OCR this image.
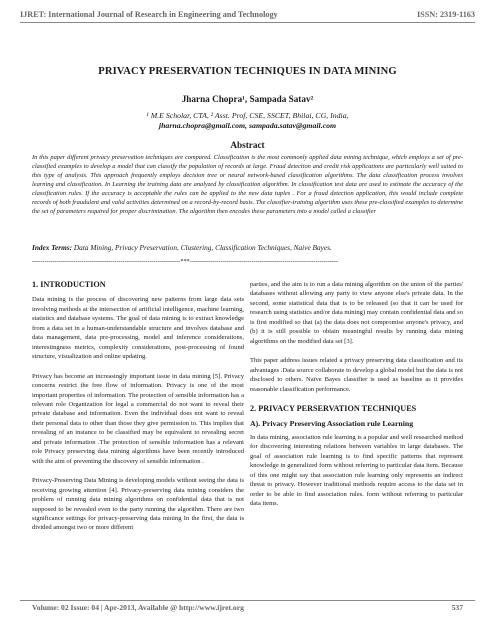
IJRET: International Journal of Research in Engineering and Technology	ISSN: 2319-1163
PRIVACY PRESERVATION TECHNIQUES IN DATA MINING
Jharna Chopra¹, Sampada Satav²
¹ M.E Scholar, CTA, ² Asst. Prof, CSE, SSCET, Bhilai, CG, India,
jharna.chopra@gmail.com, sampada.satav@gmail.com
Abstract
In this paper different privacy preservation techniques are compared. Classification is the most commonly applied data mining technique, which employs a set of pre-classified examples to develop a model that can classify the population of records at large. Fraud detection and credit risk applications are particularly well suited to this type of analysis. This approach frequently employs decision tree or neural network-based classification algorithms. The data classification process involves learning and classification. In Learning the training data are analyzed by classification algorithm. In classification test data are used to estimate the accuracy of the classification rules. If the accuracy is acceptable the rules can be applied to the new data tuples . For a fraud detection application, this would include complete records of both fraudulent and valid activities determined on a record-by-record basis. The classifier-training algorithm uses these pre-classified examples to determine the set of parameters required for proper discrimination. The algorithm then encodes these parameters into a model called a classifier
Index Terms: Data Mining, Privacy Preservation, Clustering, Classification Techniques, Naive Bayes.
------------------------------------------------------------------------***------------------------------------------------------------------------
1. INTRODUCTION

Data mining is the process of discovering new patterns from large data sets involving methods at the intersection of artificial intelligence, machine learning, statistics and database systems. The goal of data mining is to extract knowledge from a data set in a human-understandable structure and involves database and data management, data pre-processing, model and inference considerations, interestingness metrics, complexity considerations, post-processing of found structure, visualization and online updating.

Privacy has become an increasingly important issue in data mining [5]. Privacy concerns restrict the free flow of information. Privacy is one of the most important properties of information. The protection of sensible information has a relevant role Organization for legal a commercial do not want to reveal their private database and information. Even the individual does not want to reveal their personal data to other than those they give permission to. This implies that revealing of an instance to be classified may be equivalent to revealing secret and private information .The protection of sensible information has a relevant role Privacy preserving data mining algorithms have been recently introduced with the aim of preventing the discovery of sensible information .

Privacy-Preserving Data Mining is developing models without seeing the data is receiving growing attention [4]. Privacy-preserving data mining considers the problem of running data mining algorithms on confidential data that is not supposed to be revealed even to the party running the algorithm. There are two significance settings for privacy-preserving data mining In the first, the data is divided amongst two or more different

parties, and the aim is to run a data mining algorithm on the union of the parties' databases without allowing any party to view anyone else's private data. In the second, some statistical data that is to be released (so that it can be used for research using statistics and/or data mining) may contain confidential data and so is first modified so that (a) the data does not compromise anyone's privacy, and (b) it is still possible to obtain meaningful results by running data mining algorithms on the modified data set [3].

This paper address issues related a privacy preserving data classification and its advantages .Data source collaborate to develop a global model but the data is not disclosed to others. Naïve Bayes classifier is used as baseline as it provides reasonable classification performance.

2. PRIVACY PERSERVATION TECHNIQUES
A). Privacy Preserving Association rule Learning

In data mining, association rule learning is a popular and well researched method for discovering interesting relations between variables in large databases. The goal of association rule learning is to find specific patterns that represent knowledge in generalized form without referring to particular data item. Because of this one might say that association rule learning only represents an indirect threat to privacy. However traditional methods require access to the data set in order to be able to find association rules. form without referring to particular data items.

Volume: 02 Issue: 04 | Apr-2013, Available @ http://www.ijret.org	537
